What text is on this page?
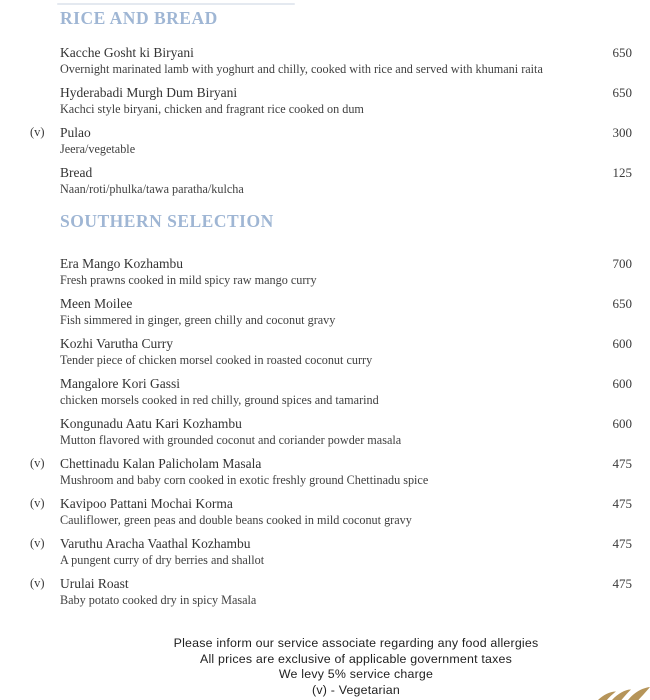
RICE AND BREAD
Kacche Gosht ki Biryani
Overnight marinated lamb with yoghurt and chilly, cooked with rice and served with khumani raita
650
Hyderabadi Murgh Dum Biryani
Kachci style biryani, chicken and fragrant rice cooked on dum
650
(v)	Pulao
Jeera/vegetable
300
Bread
Naan/roti/phulka/tawa paratha/kulcha
125
SOUTHERN SELECTION
Era Mango Kozhambu
Fresh prawns cooked in mild spicy raw mango curry
700
Meen Moilee
Fish simmered in ginger, green chilly and coconut gravy
650
Kozhi Varutha Curry
Tender piece of chicken morsel cooked in roasted coconut curry
600
Mangalore Kori Gassi
chicken morsels cooked in red chilly, ground spices and tamarind
600
Kongunadu Aatu Kari Kozhambu
Mutton flavored with grounded coconut and coriander powder masala
600
(v)	Chettinadu Kalan Palicholam Masala
Mushroom and baby corn cooked in exotic freshly ground Chettinadu spice
475
(v)	Kavipoo Pattani Mochai Korma
Cauliflower, green peas and double beans cooked in mild coconut gravy
475
(v)	Varuthu Aracha Vaathal Kozhambu
A pungent curry of dry berries and shallot
475
(v)	Urulai Roast
Baby potato cooked dry in spicy Masala
475
Please inform our service associate regarding any food allergies
All prices are exclusive of applicable government taxes
We levy 5% service charge
(v) - Vegetarian
